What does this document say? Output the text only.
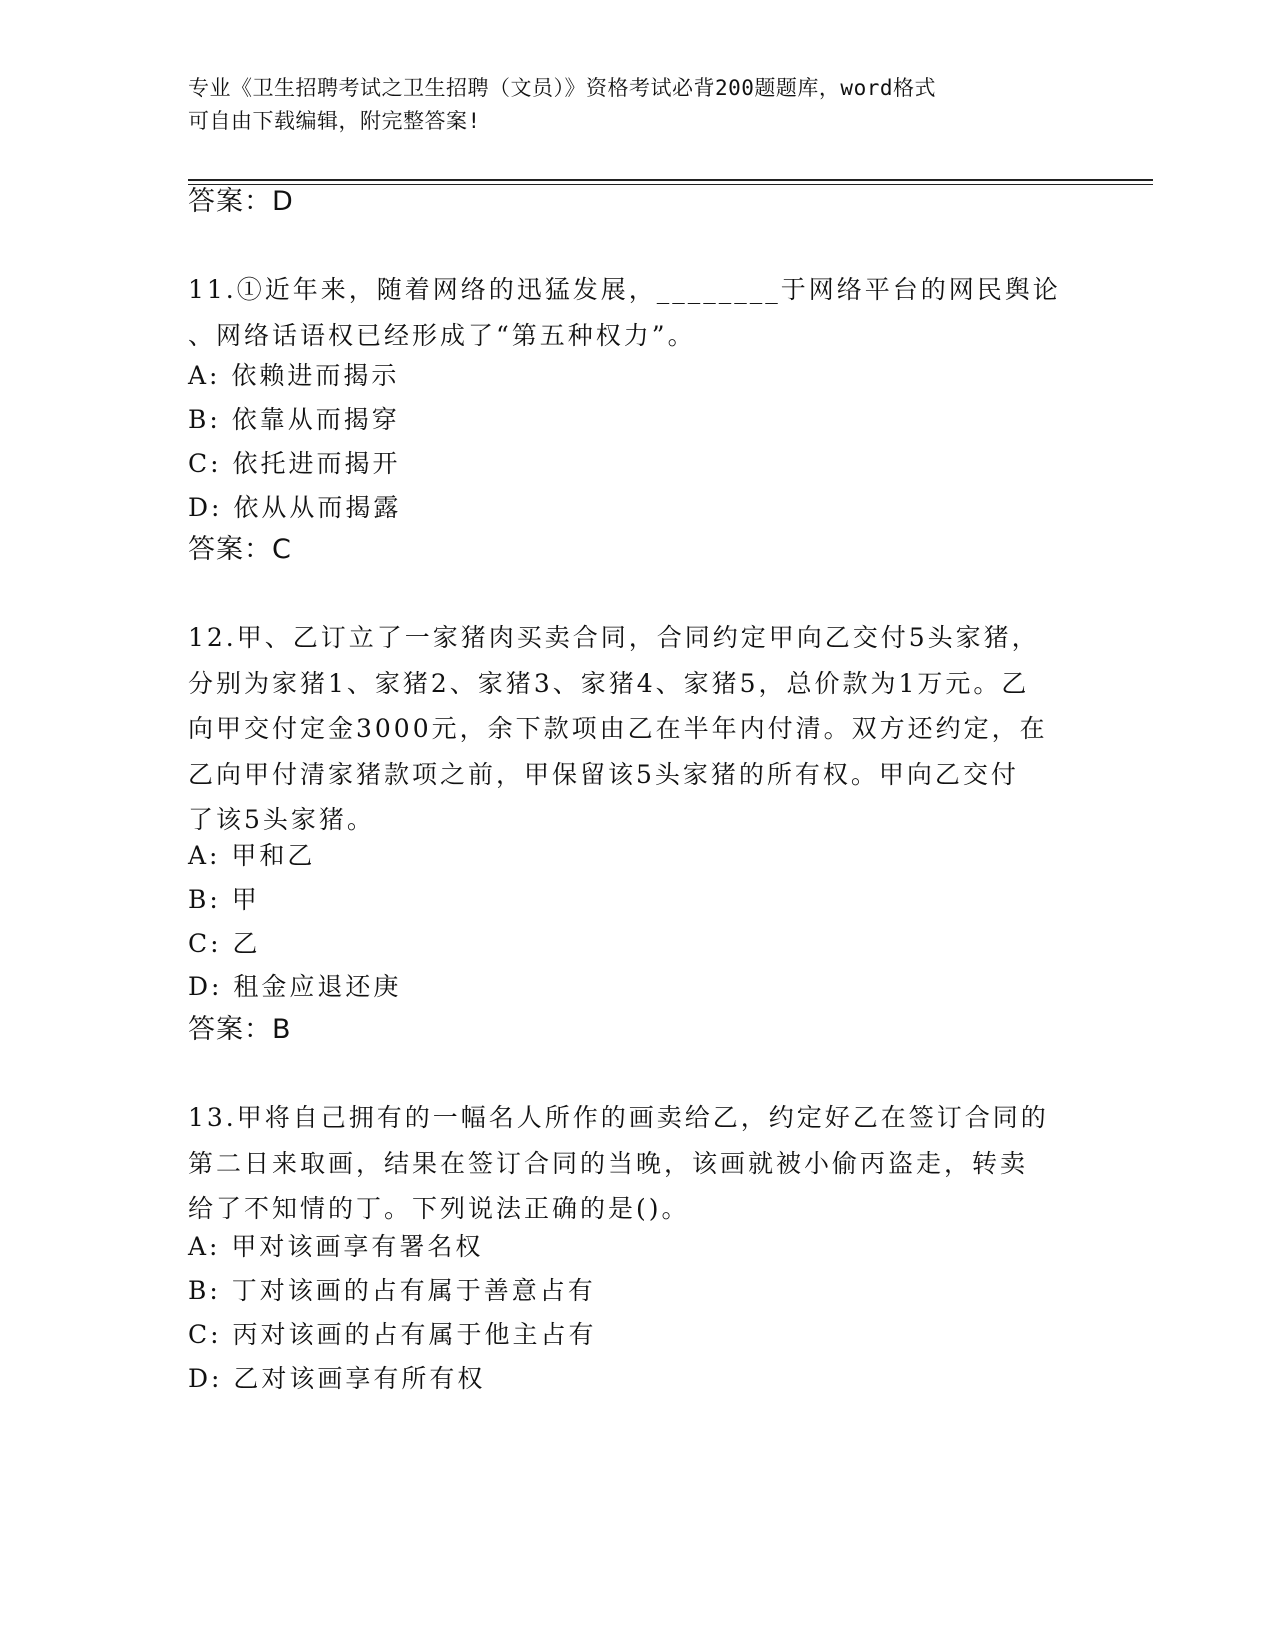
专业《卫生招聘考试之卫生招聘（文员）》资格考试必背200题题库，word格式
可自由下载编辑，附完整答案!
答案：D
11.①近年来，随着网络的迅猛发展，________于网络平台的网民舆论
、网络话语权已经形成了“第五种权力”。
A: 依赖进而揭示
B: 依靠从而揭穿
C: 依托进而揭开
D: 依从从而揭露
答案：C
12.甲、乙订立了一家猪肉买卖合同，合同约定甲向乙交付5头家猪，
分别为家猪1、家猪2、家猪3、家猪4、家猪5，总价款为1万元。乙
向甲交付定金3000元，余下款项由乙在半年内付清。双方还约定，在
乙向甲付清家猪款项之前，甲保留该5头家猪的所有权。甲向乙交付
了该5头家猪。
A: 甲和乙
B: 甲
C: 乙
D: 租金应退还庚
答案：B
13.甲将自己拥有的一幅名人所作的画卖给乙，约定好乙在签订合同的
第二日来取画，结果在签订合同的当晚，该画就被小偷丙盗走，转卖
给了不知情的丁。下列说法正确的是()。
A: 甲对该画享有署名权
B: 丁对该画的占有属于善意占有
C: 丙对该画的占有属于他主占有
D: 乙对该画享有所有权
